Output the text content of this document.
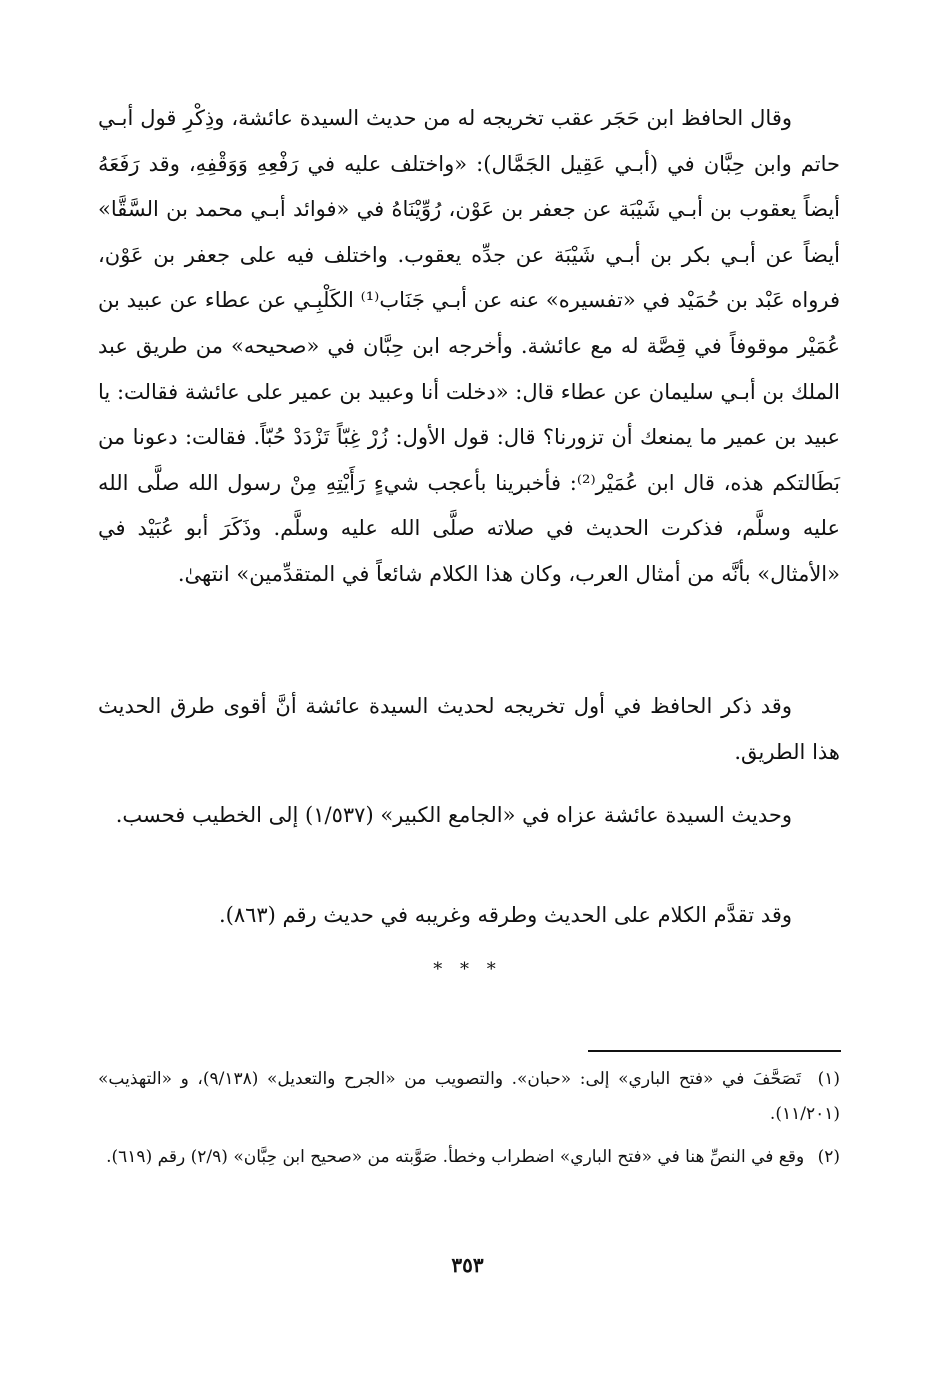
وقال الحافظ ابن حَجَر عقب تخريجه له من حديث السيدة عائشة، وذِكْرِ قول أبـي حاتم وابن حِبَّان في (أبـي عَقِيل الجَمَّال): «واختلف عليه في رَفْعِهِ وَوَقْفِهِ، وقد رَفَعَهُ أيضاً يعقوب بن أبـي شَيْبَة عن جعفر بن عَوْن، رُوِّيْنَاهُ في «فوائد أبـي محمد بن السَّقَّا» أيضاً عن أبـي بكر بن أبـي شَيْبَة عن جدِّه يعقوب. واختلف فيه على جعفر بن عَوْن، فرواه عَبْد بن حُمَيْد في «تفسيره» عنه عن أبـي جَنَاب⁽¹⁾ الكَلْبِـي عن عطاء عن عبيد بن عُمَيْر موقوفاً في قِصَّة له مع عائشة. وأخرجه ابن حِبَّان في «صحيحه» من طريق عبد الملك بن أبـي سليمان عن عطاء قال: «دخلت أنا وعبيد بن عمير على عائشة فقالت: يا عبيد بن عمير ما يمنعك أن تزورنا؟ قال: قول الأول: زُرْ غِبّاً تَزْدَدْ حُبّاً. فقالت: دعونا من بَطَالتكم هذه، قال ابن عُمَيْر⁽²⁾: فأخبرينا بأعجب شيءٍ رَأَيْتِهِ مِنْ رسول الله صلَّى الله عليه وسلَّم، فذكرت الحديث في صلاته صلَّى الله عليه وسلَّم. وذَكَرَ أبو عُبَيْد في «الأمثال» بأنَّه من أمثال العرب، وكان هذا الكلام شائعاً في المتقدِّمين» انتهىٰ.
وقد ذكر الحافظ في أول تخريجه لحديث السيدة عائشة أنَّ أقوى طرق الحديث هذا الطريق.
وحديث السيدة عائشة عزاه في «الجامع الكبير» (١/٥٣٧) إلى الخطيب فحسب.
وقد تقدَّم الكلام على الحديث وطرقه وغريبه في حديث رقم (٨٦٣).
* * *
(١) تَصَحَّفَ في «فتح الباري» إلى: «حبان». والتصويب من «الجرح والتعديل» (٩/١٣٨)، و «التهذيب» (١١/٢٠١).
(٢) وقع في النصِّ هنا في «فتح الباري» اضطراب وخطأ. صَوَّبته من «صحيح ابن حِبَّان» (٢/٩) رقم (٦١٩).
٣٥٣
